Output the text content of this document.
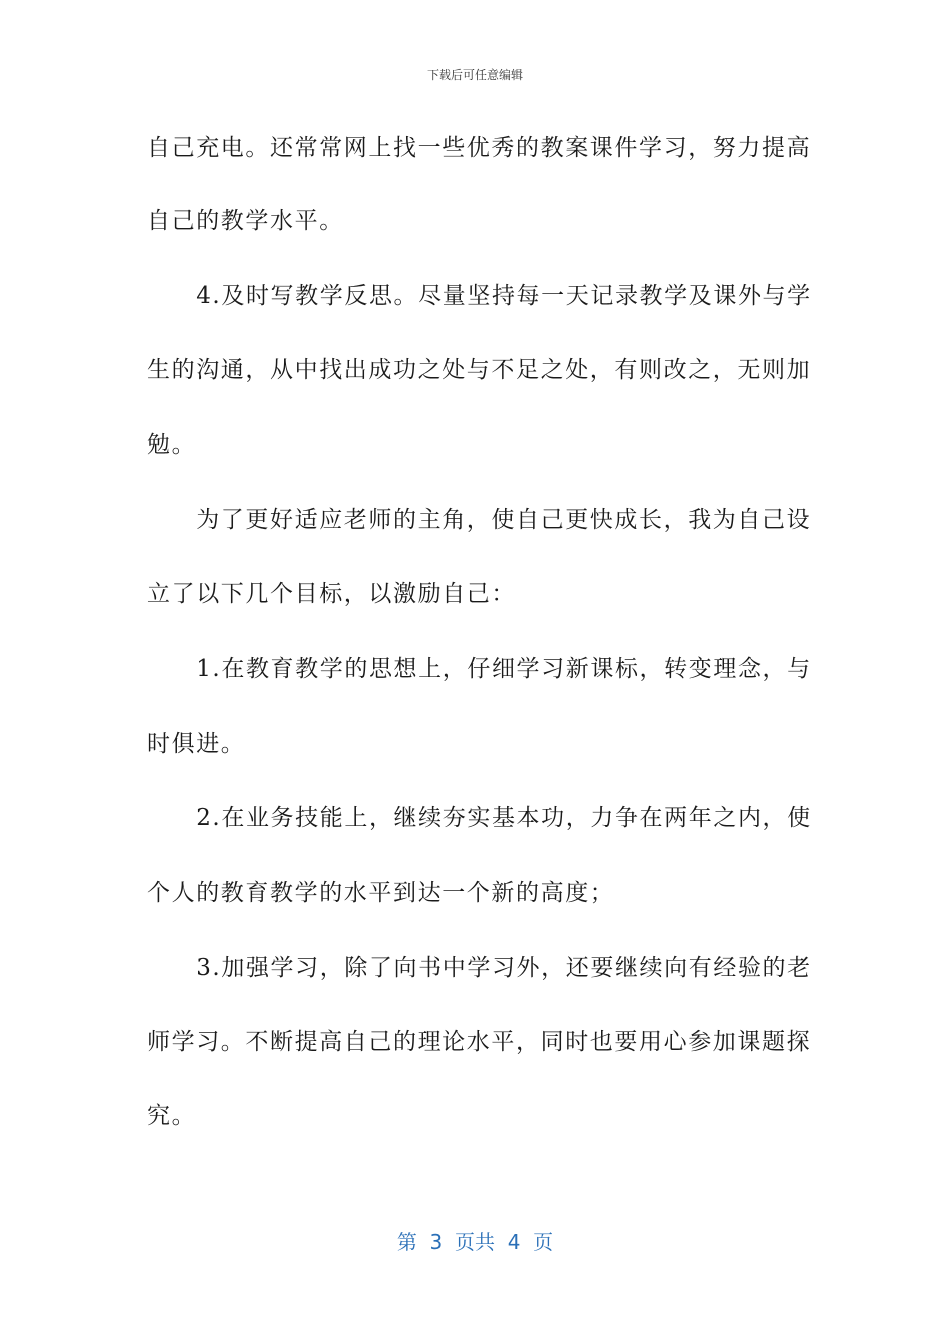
下载后可任意编辑
自己充电。还常常网上找一些优秀的教案课件学习，努力提高
自己的教学水平。
　　4.及时写教学反思。尽量坚持每一天记录教学及课外与学
生的沟通，从中找出成功之处与不足之处，有则改之，无则加
勉。
　　为了更好适应老师的主角，使自己更快成长，我为自己设
立了以下几个目标，以激励自己：
　　1.在教育教学的思想上，仔细学习新课标，转变理念，与
时俱进。
　　2.在业务技能上，继续夯实基本功，力争在两年之内，使
个人的教育教学的水平到达一个新的高度；
　　3.加强学习，除了向书中学习外，还要继续向有经验的老
师学习。不断提高自己的理论水平，同时也要用心参加课题探
究。
第  3  页共  4  页
